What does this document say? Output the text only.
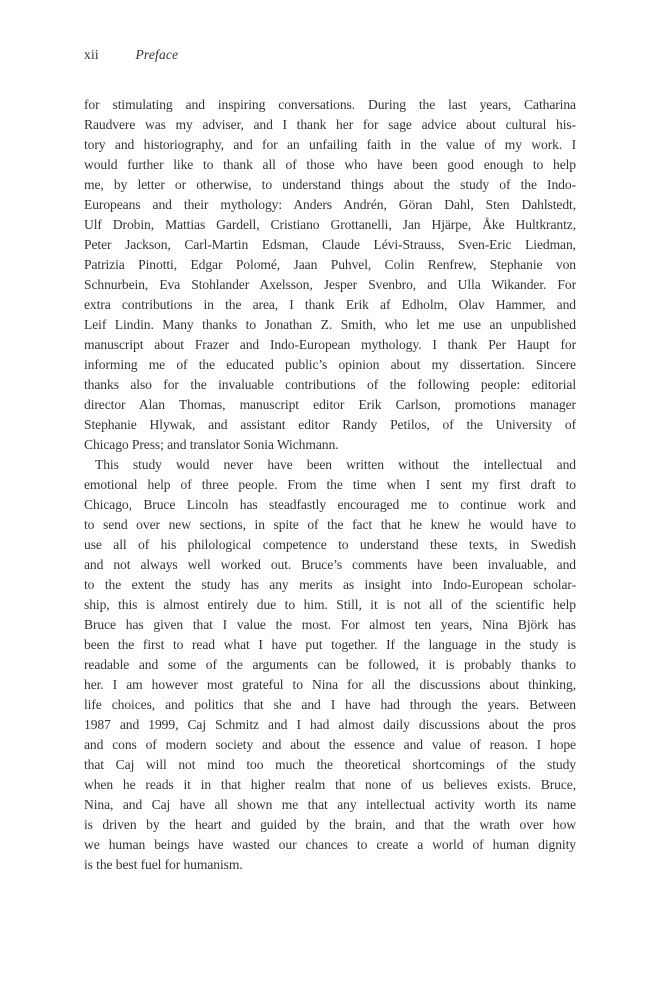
xii	Preface
for stimulating and inspiring conversations. During the last years, Catharina
Raudvere was my adviser, and I thank her for sage advice about cultural his-
tory and historiography, and for an unfailing faith in the value of my work. I
would further like to thank all of those who have been good enough to help
me, by letter or otherwise, to understand things about the study of the Indo-
Europeans and their mythology: Anders Andrén, Göran Dahl, Sten Dahlstedt,
Ulf Drobin, Mattias Gardell, Cristiano Grottanelli, Jan Hjärpe, Åke Hultkrantz,
Peter Jackson, Carl-Martin Edsman, Claude Lévi-Strauss, Sven-Eric Liedman,
Patrizia Pinotti, Edgar Polomé, Jaan Puhvel, Colin Renfrew, Stephanie von
Schnurbein, Eva Stohlander Axelsson, Jesper Svenbro, and Ulla Wikander. For
extra contributions in the area, I thank Erik af Edholm, Olav Hammer, and
Leif Lindin. Many thanks to Jonathan Z. Smith, who let me use an unpublished
manuscript about Frazer and Indo-European mythology. I thank Per Haupt for
informing me of the educated public’s opinion about my dissertation. Sincere
thanks also for the invaluable contributions of the following people: editorial
director Alan Thomas, manuscript editor Erik Carlson, promotions manager
Stephanie Hlywak, and assistant editor Randy Petilos, of the University of
Chicago Press; and translator Sonia Wichmann.
This study would never have been written without the intellectual and
emotional help of three people. From the time when I sent my first draft to
Chicago, Bruce Lincoln has steadfastly encouraged me to continue work and
to send over new sections, in spite of the fact that he knew he would have to
use all of his philological competence to understand these texts, in Swedish
and not always well worked out. Bruce’s comments have been invaluable, and
to the extent the study has any merits as insight into Indo-European scholar-
ship, this is almost entirely due to him. Still, it is not all of the scientific help
Bruce has given that I value the most. For almost ten years, Nina Björk has
been the first to read what I have put together. If the language in the study is
readable and some of the arguments can be followed, it is probably thanks to
her. I am however most grateful to Nina for all the discussions about thinking,
life choices, and politics that she and I have had through the years. Between
1987 and 1999, Caj Schmitz and I had almost daily discussions about the pros
and cons of modern society and about the essence and value of reason. I hope
that Caj will not mind too much the theoretical shortcomings of the study
when he reads it in that higher realm that none of us believes exists. Bruce,
Nina, and Caj have all shown me that any intellectual activity worth its name
is driven by the heart and guided by the brain, and that the wrath over how
we human beings have wasted our chances to create a world of human dignity
is the best fuel for humanism.
